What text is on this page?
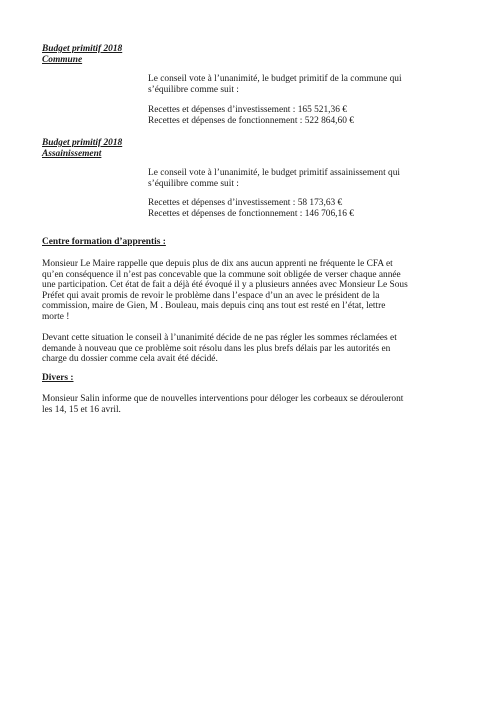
Budget primitif 2018
Commune
Le conseil vote à l’unanimité, le budget primitif de la commune qui
s’équilibre comme suit :
Recettes et dépenses d’investissement : 165 521,36 €
Recettes et dépenses de fonctionnement : 522 864,60 €
Budget primitif 2018
Assainissement
Le conseil vote à l’unanimité, le budget primitif assainissement qui
s’équilibre comme suit :
Recettes et dépenses d’investissement : 58 173,63 €
Recettes et dépenses de fonctionnement : 146 706,16 €
Centre formation d’apprentis :
Monsieur Le Maire rappelle que depuis plus de dix ans aucun apprenti ne fréquente le CFA et
qu’en conséquence il n’est pas concevable que la commune soit obligée de verser chaque année
une participation. Cet état de fait a déjà été évoqué il y a plusieurs années avec Monsieur Le Sous
Préfet qui avait promis de revoir le problème dans l’espace d’un an avec le président de la
commission, maire de Gien, M . Bouleau, mais depuis cinq ans tout est resté en l’état, lettre
morte !
Devant cette situation le conseil à l’unanimité décide de ne pas régler les sommes réclamées et
demande à nouveau que ce problème soit résolu dans les plus brefs délais par les autorités en
charge du dossier comme cela avait été décidé.
Divers :
Monsieur Salin informe que de nouvelles interventions pour déloger les corbeaux se dérouleront
les 14, 15 et 16 avril.
